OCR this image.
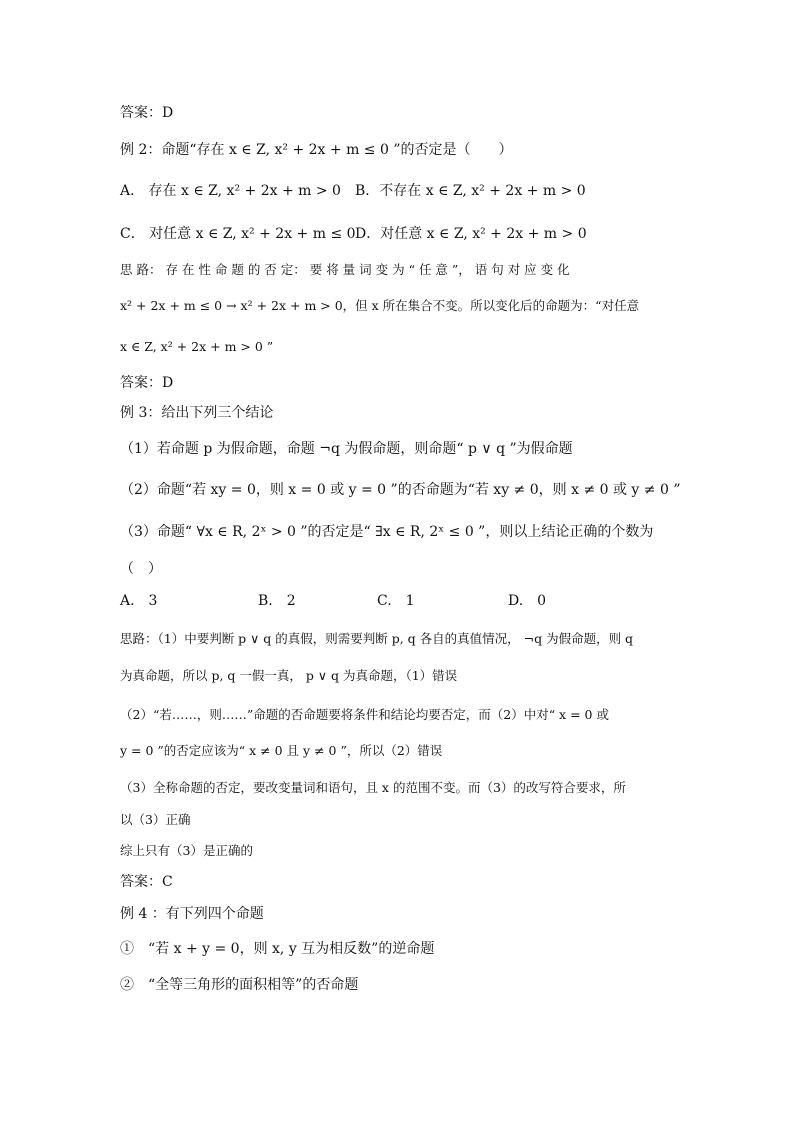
答案：D
例 2：命题“存在 x ∈ Z, x² + 2x + m ≤ 0 ”的否定是（　　）
A． 存在 x ∈ Z, x² + 2x + m > 0 B．不存在 x ∈ Z, x² + 2x + m > 0
C． 对任意 x ∈ Z, x² + 2x + m ≤ 0 D．对任意 x ∈ Z, x² + 2x + m > 0
思 路： 存 在 性 命 题 的 否 定： 要 将 量 词 变 为 “ 任 意 ”， 语 句 对 应 变 化
x² + 2x + m ≤ 0 → x² + 2x + m > 0，但 x 所在集合不变。所以变化后的命题为：“对任意
x ∈ Z, x² + 2x + m > 0 ”
答案：D
例 3：给出下列三个结论
（1）若命题 p 为假命题，命题 ¬q 为假命题，则命题“ p ∨ q ”为假命题
（2）命题“若 xy = 0，则 x = 0 或 y = 0 ”的否命题为“若 xy ≠ 0，则 x ≠ 0 或 y ≠ 0 ”
（3）命题“ ∀x ∈ R, 2ˣ > 0 ”的否定是“ ∃x ∈ R, 2ˣ ≤ 0 ”，则以上结论正确的个数为
（　）
A.　3	B.　2	C.　1	D.　0
思路：（1）中要判断 p ∨ q 的真假，则需要判断 p, q 各自的真值情况， ¬q 为假命题，则 q
为真命题，所以 p, q 一假一真， p ∨ q 为真命题，（1）错误
（2）“若……，则……”命题的否命题要将条件和结论均要否定，而（2）中对“ x = 0 或
y = 0 ”的否定应该为“ x ≠ 0 且 y ≠ 0 ”，所以（2）错误
（3）全称命题的否定，要改变量词和语句，且 x 的范围不变。而（3）的改写符合要求，所
以（3）正确
综上只有（3）是正确的
答案：C
例 4 ：有下列四个命题
①　“若 x + y = 0，则 x, y 互为相反数”的逆命题
②　“全等三角形的面积相等”的否命题
